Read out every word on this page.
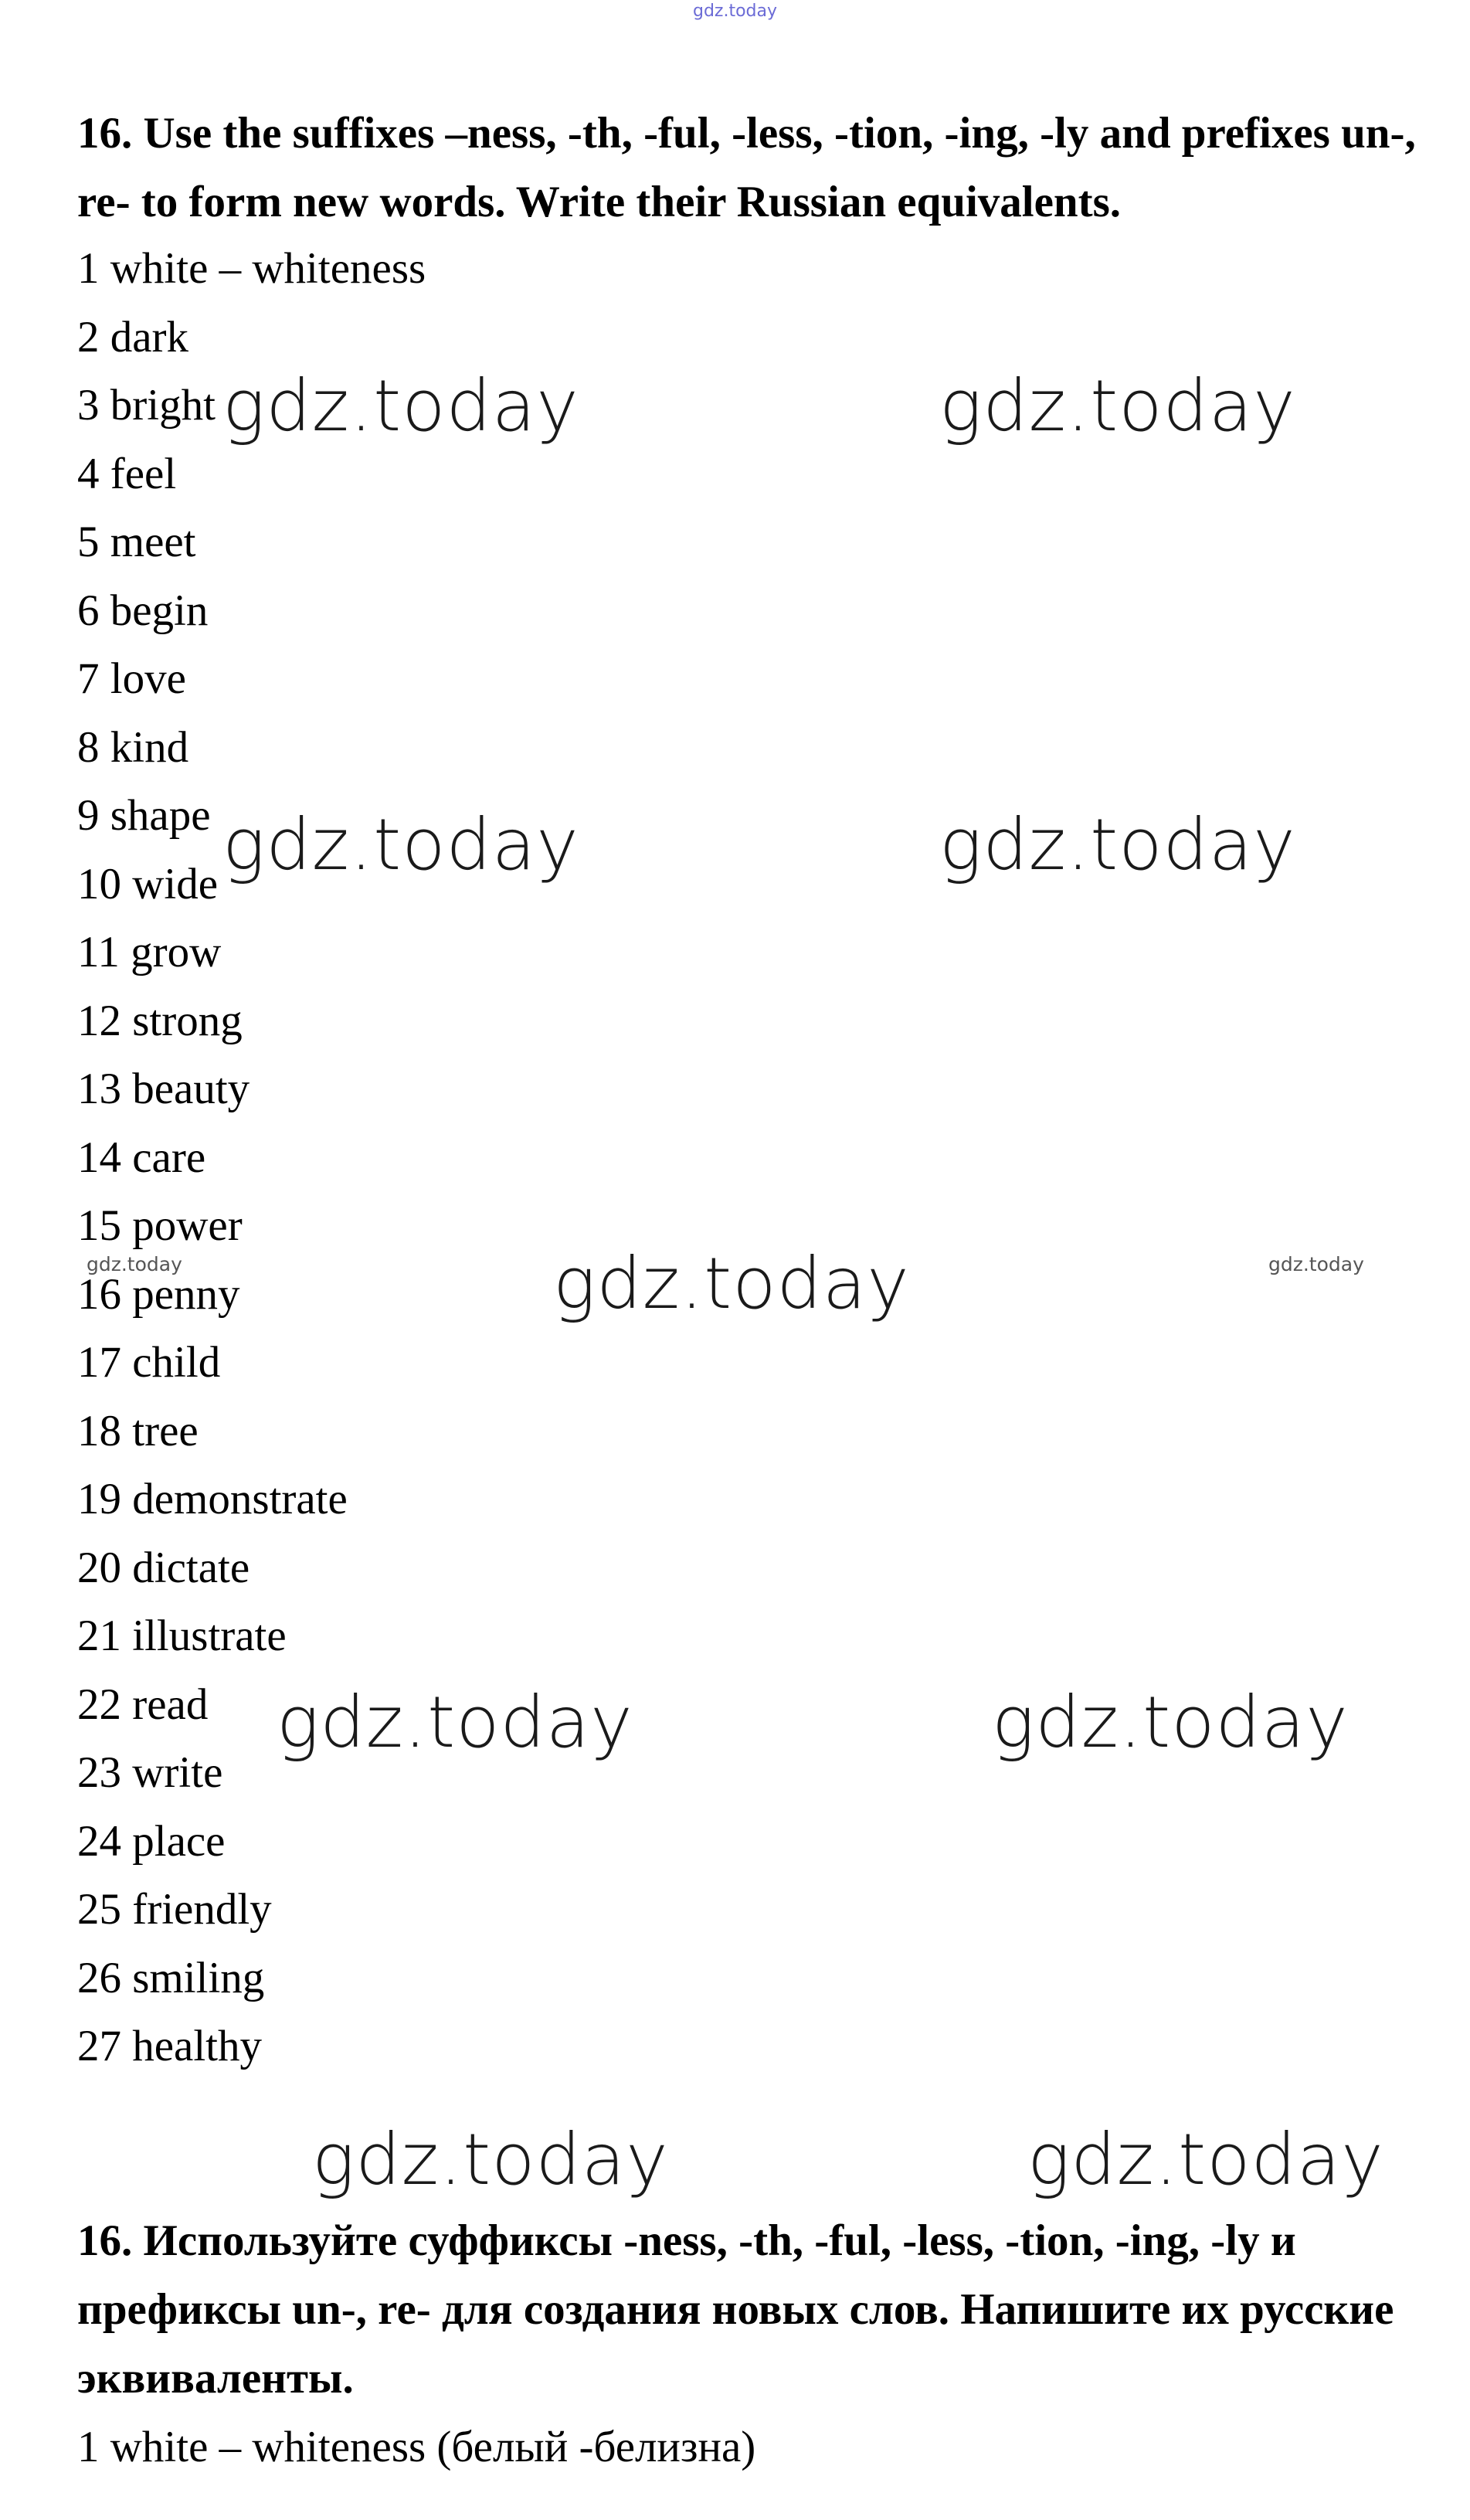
gdz.today

16. Use the suffixes –ness, -th, -ful, -less, -tion, -ing, -ly and prefixes un-, re- to form new words. Write their Russian equivalents.

1 white – whiteness
2 dark
3 bright
4 feel
5 meet
6 begin
7 love
8 kind
9 shape
10 wide
11 grow
12 strong
13 beauty
14 care
15 power
16 penny
17 child
18 tree
19 demonstrate
20 dictate
21 illustrate
22 read
23 write
24 place
25 friendly
26 smiling
27 healthy

16. Используйте суффиксы -ness, -th, -ful, -less, -tion, -ing, -ly и префиксы un-, re- для создания новых слов. Напишите их русские эквиваленты.

1 white – whiteness (белый -белизна)
gdz.today	gdz.today
gdz.today	gdz.today
gdz.today
gdz.today	gdz.today
gdz.today	gdz.today
gdz.today	gdz.today
